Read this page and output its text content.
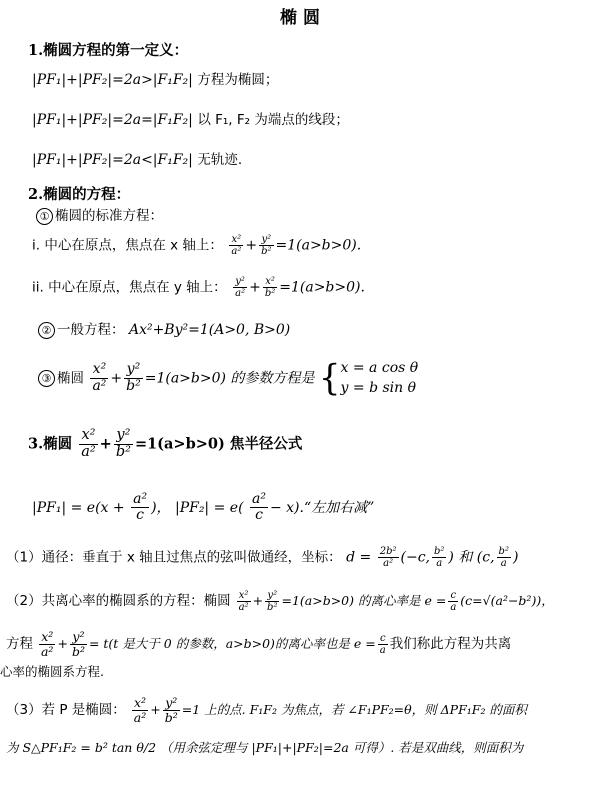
椭 圆
1.椭圆方程的第一定义：
|PF₁|+|PF₂|=2a>|F₁F₂| 方程为椭圆；
|PF₁|+|PF₂|=2a=|F₁F₂| 以 F₁, F₂ 为端点的线段；
|PF₁|+|PF₂|=2a<|F₁F₂| 无轨迹.
2.椭圆的方程：
① 椭圆的标准方程：
i. 中心在原点，焦点在 x 轴上： $\frac{\text{x²}}{\text{a²}} + \frac{\text{y²}}{\text{b²}} =1(a>b>0)$.
ii. 中心在原点，焦点在 y 轴上： $\frac{\text{y²}}{\text{a²}} + \frac{\text{x²}}{\text{b²}} =1(a>b>0)$.
② 一般方程： Ax²+By²=1(A>0, B>0)
③ 椭圆 $\frac{\text{x²}}{\text{a²}} + \frac{\text{y²}}{\text{b²}} =1(a>b>0)$ 的参数方程是 { x = a cos θ
y = b sin θ
3.椭圆 $\frac{\text{x²}}{\text{a²}} + \frac{\text{y²}}{\text{b²}} =1(a>b>0)$ 焦半径公式
$|PF_1| = e(x + \frac{\text{a²}}{c}$ )， $|PF_2| = e( \frac{\text{a²}}{c}$ − x).“左加右减”
（1）通径：垂直于 x 轴且过焦点的弦叫做通经，坐标： $d = \frac{\text{2b²}}{\text{a²}} (-c$, $\frac{\text{b²}}{a}$ ) 和 (c, $\frac{\text{b²}}{a}$ )
（2）共离心率的椭圆系的方程：椭圆 $\frac{\text{x²}}{\text{a²}} + \frac{\text{y²}}{\text{b²}} =1(a>b>0)$ 的离心率是 $e = \frac{c}{a} (c=√(a^2-b^2))$，
方程 $\frac{\text{x²}}{\text{a²}} + \frac{\text{y²}}{\text{b²}} = t(t$ 是大于 0 的参数，a>b>0)的离心率也是 $e = \frac{c}{a}$ 我们称此方程为共离
心率的椭圆系方程.
（3）若 P 是椭圆： $\frac{\text{x²}}{\text{a²}} + \frac{\text{y²}}{\text{b²}} =1$ 上的点. F₁F₂ 为焦点，若 ∠F₁PF₂=θ，则 ΔPF₁F₂ 的面积
为 S△PF₁F₂ = b² tan θ/2 （用余弦定理与 |PF₁|+|PF₂|=2a 可得）. 若是双曲线，则面积为
